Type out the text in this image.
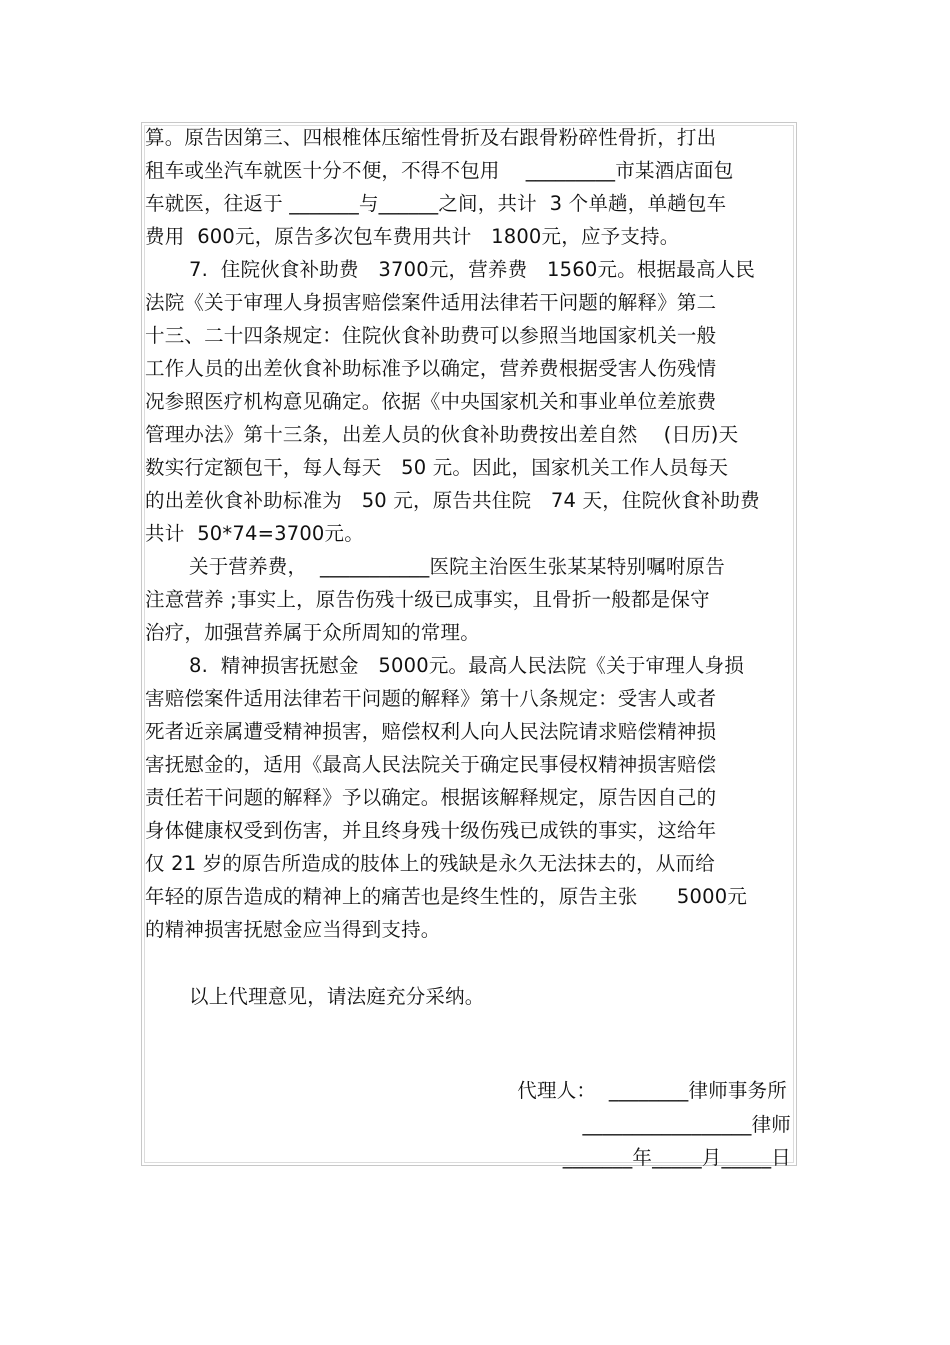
算。原告因第三、四根椎体压缩性骨折及右跟骨粉碎性骨折，打出
租车或坐汽车就医十分不便，不得不包用　 _________市某酒店面包
车就医，往返于 _______与______之间，共计  3 个单趟，单趟包车
费用  600元，原告多次包车费用共计　1800元，应予支持。
7.  住院伙食补助费　3700元，营养费　1560元。根据最高人民
法院《关于审理人身损害赔偿案件适用法律若干问题的解释》第二
十三、二十四条规定：住院伙食补助费可以参照当地国家机关一般
工作人员的出差伙食补助标准予以确定，营养费根据受害人伤残情
况参照医疗机构意见确定。依据《中央国家机关和事业单位差旅费
管理办法》第十三条，出差人员的伙食补助费按出差自然　 (日历)天
数实行定额包干，每人每天　50 元。因此，国家机关工作人员每天
的出差伙食补助标准为　50 元，原告共住院　74 天，住院伙食补助费
共计  50*74=3700元。
关于营养费，  ___________医院主治医生张某某特别嘱咐原告
注意营养 ;事实上，原告伤残十级已成事实，且骨折一般都是保守
治疗，加强营养属于众所周知的常理。
8.  精神损害抚慰金　5000元。最高人民法院《关于审理人身损
害赔偿案件适用法律若干问题的解释》第十八条规定：受害人或者
死者近亲属遭受精神损害，赔偿权利人向人民法院请求赔偿精神损
害抚慰金的，适用《最高人民法院关于确定民事侵权精神损害赔偿
责任若干问题的解释》予以确定。根据该解释规定，原告因自己的
身体健康权受到伤害，并且终身残十级伤残已成铁的事实，这给年
仅 21 岁的原告所造成的肢体上的残缺是永久无法抹去的，从而给
年轻的原告造成的精神上的痛苦也是终生性的，原告主张　　5000元
的精神损害抚慰金应当得到支持。
以上代理意见，请法庭充分采纳。
代理人：  ________律师事务所
_________________律师
_______年_____月_____日
